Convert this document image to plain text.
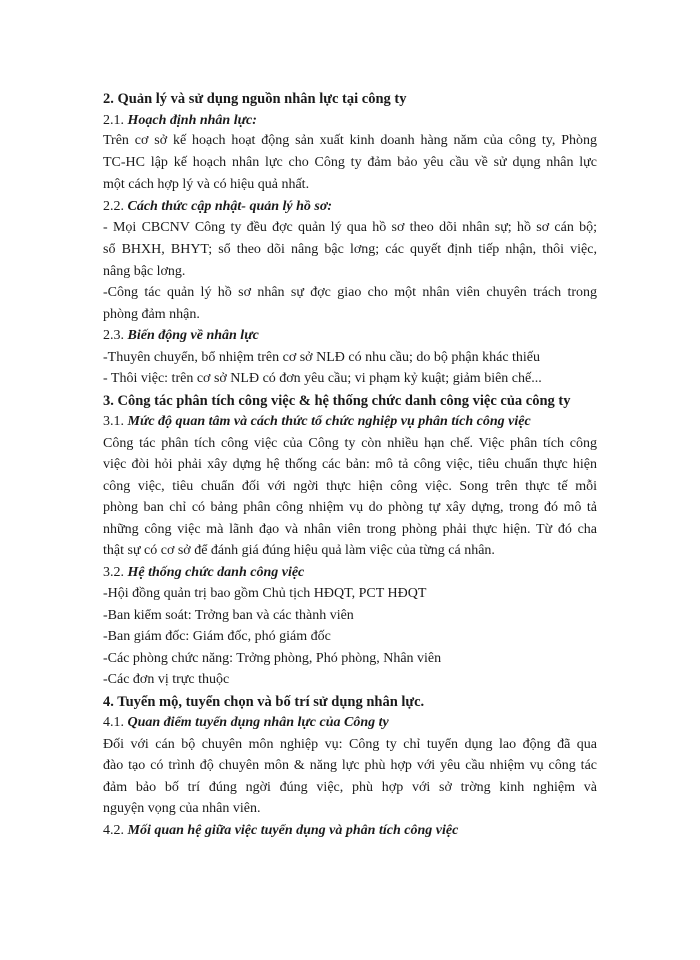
2. Quản lý và sử dụng nguồn nhân lực tại công ty
2.1. Hoạch định nhân lực:
Trên cơ sở kế hoạch hoạt động sản xuất kinh doanh hàng năm của công ty, Phòng
TC-HC lập kế hoạch nhân lực cho Công ty đảm bảo yêu cầu về sử dụng nhân lực
một cách hợp lý và có hiệu quả nhất.
2.2. Cách thức cập nhật- quản lý hồ sơ:
- Mọi CBCNV Công ty đều đợc quản lý qua hồ sơ theo dõi nhân sự; hồ sơ cán bộ;
sổ BHXH, BHYT; sổ theo dõi nâng bậc lơng; các quyết định tiếp nhận, thôi việc,
nâng bậc lơng.
-Công tác quản lý hồ sơ nhân sự đợc giao cho một nhân viên chuyên trách trong
phòng đảm nhận.
2.3. Biến động về nhân lực
-Thuyên chuyển, bổ nhiệm trên cơ sở NLĐ có nhu cầu; do bộ phận khác thiếu
- Thôi việc: trên cơ sở NLĐ có đơn yêu cầu; vi phạm kỷ kuật; giảm biên chế...
3. Công tác phân tích công việc & hệ thống chức danh công việc của công ty
3.1. Mức độ quan tâm và cách thức tổ chức nghiệp vụ phân tích công việc
Công tác phân tích công việc của Công ty còn nhiều hạn chế. Việc phân tích công
việc đòi hỏi phải xây dựng hệ thống các bản: mô tả công việc, tiêu chuẩn thực hiện
công việc, tiêu chuẩn đối với ngời thực hiện công việc. Song trên thực tế mỗi
phòng ban chỉ có bảng phân công nhiệm vụ do phòng tự xây dựng, trong đó mô tả
những công việc mà lãnh đạo và nhân viên trong phòng phải thực hiện. Từ đó cha
thật sự có cơ sở để đánh giá đúng hiệu quả làm việc của từng cá nhân.
3.2. Hệ thống chức danh công việc
-Hội đồng quản trị bao gồm Chủ tịch HĐQT, PCT HĐQT
-Ban kiểm soát: Trởng ban và các thành viên
-Ban giám đốc: Giám đốc, phó giám đốc
-Các phòng chức năng: Trởng phòng, Phó phòng, Nhân viên
-Các đơn vị trực thuộc
4. Tuyển mộ, tuyển chọn và bố trí sử dụng nhân lực.
4.1. Quan điểm tuyển dụng nhân lực của Công ty
Đối với cán bộ chuyên môn nghiệp vụ: Công ty chỉ tuyển dụng lao động đã qua
đào tạo có trình độ chuyên môn & năng lực phù hợp với yêu cầu nhiệm vụ công tác
đảm bảo bố trí đúng ngời đúng việc, phù hợp với sở trờng kinh nghiệm và
nguyện vọng của nhân viên.
4.2. Mối quan hệ giữa việc tuyển dụng và phân tích công việc
